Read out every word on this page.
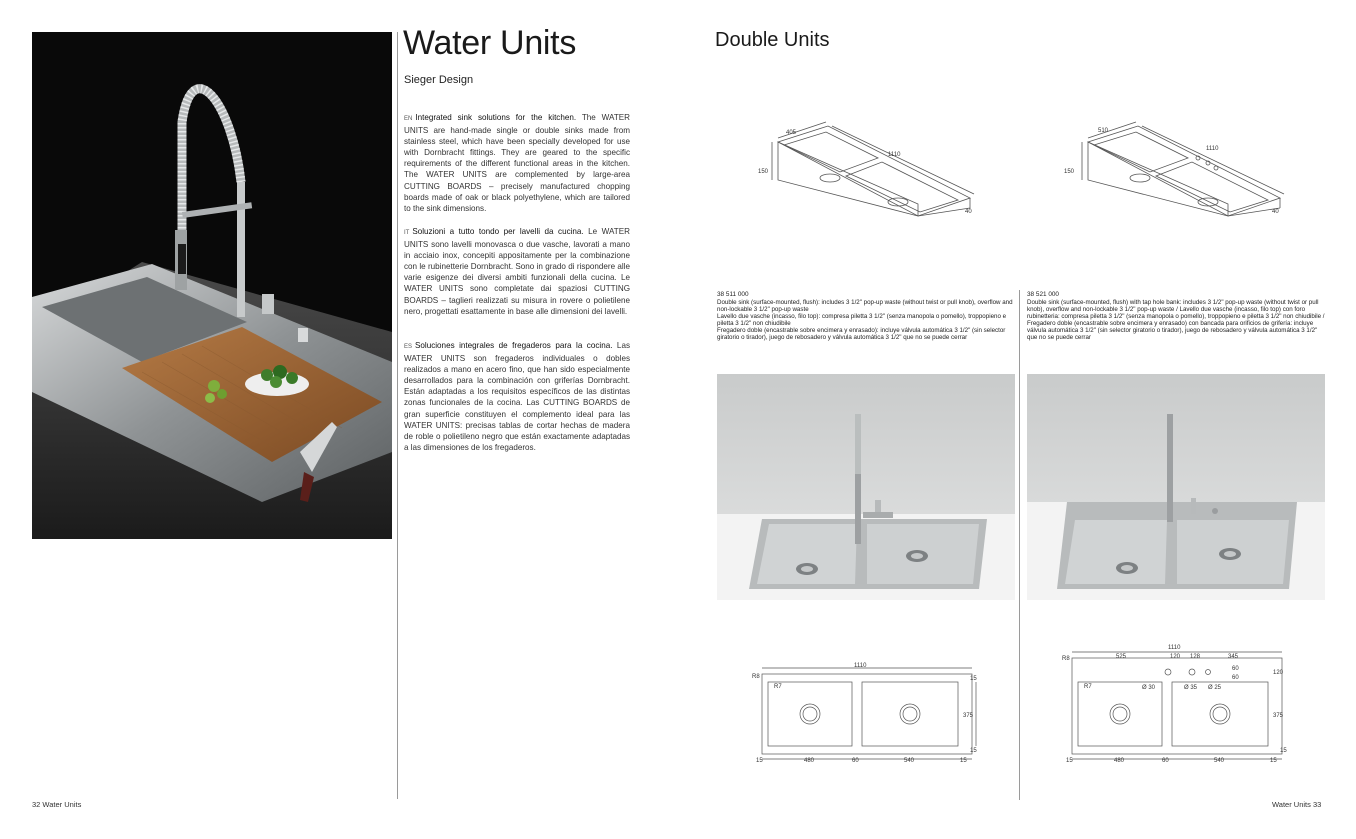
Water Units
Sieger Design
EN Integrated sink solutions for the kitchen. The WATER UNITS are hand-made single or double sinks made from stainless steel, which have been specially developed for use with Dornbracht fittings. They are geared to the specific requirements of the different functional areas in the kitchen. The WATER UNITS are complemented by large-area CUTTING BOARDS – precisely manufactured chopping boards made of oak or black polyethylene, which are tailored to the sink dimensions.
IT Soluzioni a tutto tondo per lavelli da cucina. Le WATER UNITS sono lavelli monovasca o due vasche, lavorati a mano in acciaio inox, concepiti appositamente per la combinazione con le rubinetterie Dornbracht. Sono in grado di rispondere alle varie esigenze dei diversi ambiti funzionali della cucina. Le WATER UNITS sono completate dai spaziosi CUTTING BOARDS – taglieri realizzati su misura in rovere o polietilene nero, progettati esattamente in base alle dimensioni dei lavelli.
ES Soluciones integrales de fregaderos para la cocina. Las WATER UNITS son fregaderos individuales o dobles realizados a mano en acero fino, que han sido especialmente desarrollados para la combinación con griferías Dornbracht. Están adaptadas a los requisitos específicos de las distintas zonas funcionales de la cocina. Las CUTTING BOARDS de gran superficie constituyen el complemento ideal para las WATER UNITS: precisas tablas de cortar hechas de madera de roble o polietileno negro que están exactamente adaptadas a las dimensiones de los fregaderos.
32 Water Units
Double Units
405
1110
150
40
510
1110
150
40
38 511 000
Double sink (surface-mounted, flush): includes 3 1/2" pop-up waste (without twist or pull knob), overflow and non-lockable 3 1/2" pop-up waste
Lavello due vasche (incasso, filo top): compresa piletta 3 1/2" (senza manopola o pomello), troppopieno e piletta 3 1/2" non chiudibile
Fregadero doble (encastrable sobre encimera y enrasado): incluye válvula automática 3 1/2" (sin selector giratorio o tirador), juego de rebosadero y válvula automática 3 1/2" que no se puede cerrar
38 521 000
Double sink (surface-mounted, flush) with tap hole bank: includes 3 1/2" pop-up waste (without twist or pull knob), overflow and non-lockable 3 1/2" pop-up waste / Lavello due vasche (incasso, filo top) con foro rubinetteria: compresa piletta 3 1/2" (senza manopola o pomello), troppopieno e piletta 3 1/2" non chiudibile / Fregadero doble (encastrable sobre encimera y enrasado) con bancada para orificios de grifería: incluye válvula automática 3 1/2" (sin selector giratorio o tirador), juego de rebosadero y válvula automática 3 1/2" que no se puede cerrar
1110
R8
R7
15	480	60	540	15
15
375
15
1110
525	120 128	345
R8
R7	Ø 30	Ø 35 Ø 25
60
60
120
375
15
15	480	60	540	15
Water Units 33
